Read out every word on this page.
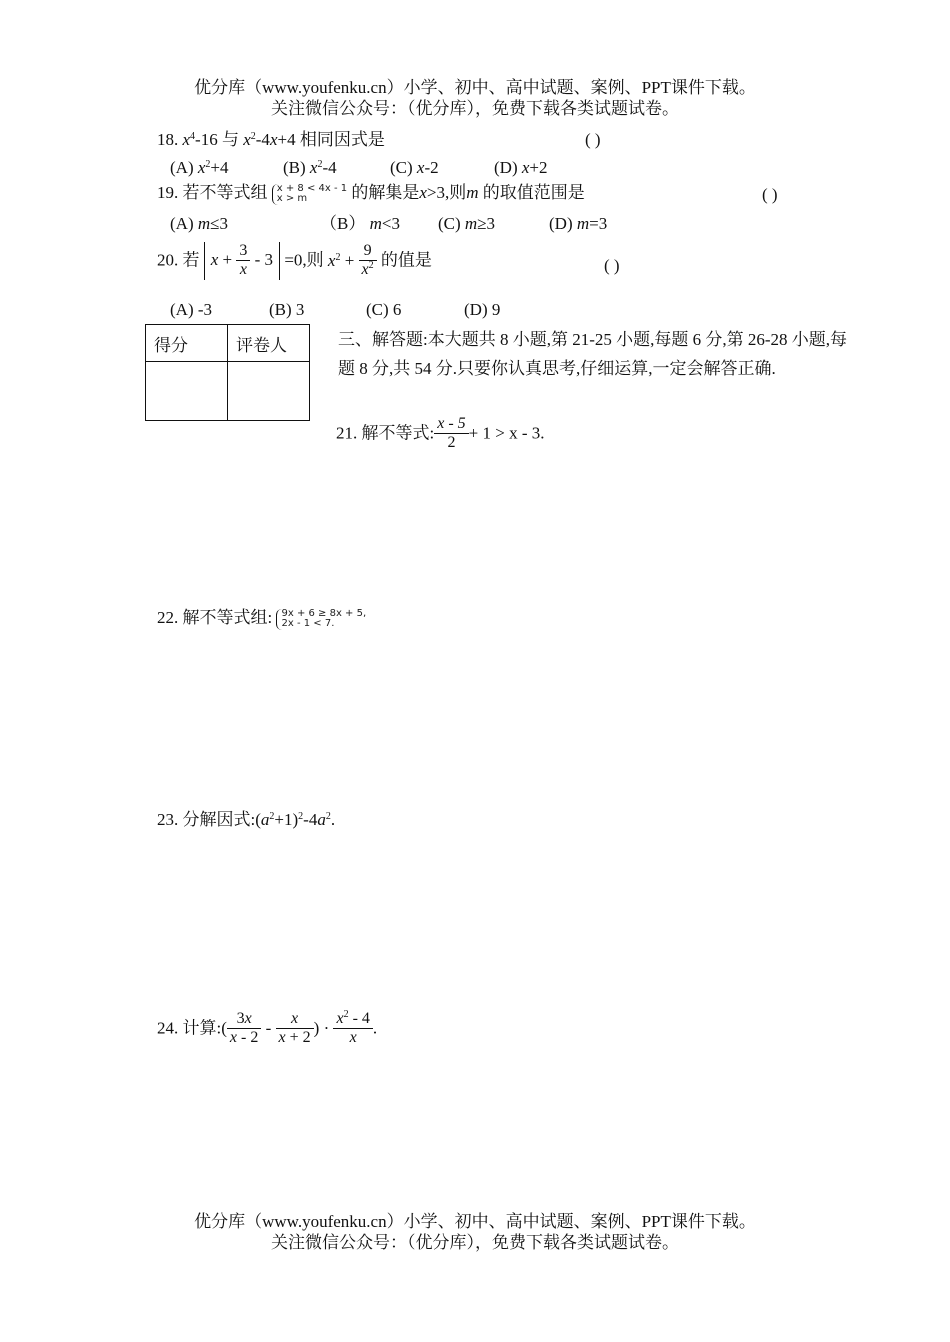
优分库（www.youfenku.cn）小学、初中、高中试题、案例、PPT课件下载。
关注微信公众号：（优分库），免费下载各类试题试卷。
18. $x^4-16$ 与 $x^2-4x+4$ 相同因式是	( )
(A) $x^2+4$	(B) $x^2-4$	(C) x-2	(D) x+2
19. 若不等式组 x + 8 < 4x - 1
x > m	的解集是x>3,则m 的取值范围是	( )
(A) m≤3	（B） m<3 (C) m≥3	(D) m=3
20. 若 $x + \frac{3}{x} - 3 =0$,则 $x^2 + \frac{9}{x^2}$ 的值是	( )
(A) -3	(B) 3	(C) 6	(D) 9
得分	评卷人
		三、解答题:本大题共 8 小题,第 21-25 小题,每题 6 分,第 26-28 小题,每题 8 分,共 54 分.只要你认真思考,仔细运算,一定会解答正确.
21. 解不等式: $\frac{x - 5}{2} + 1 > x - 3$.
22. 解不等式组: 9x + 6 ≥ 8x + 5,
2x - 1 < 7.
23. 分解因式$:(a^2+1)^2-4a^2$.
24. 计算:( $\frac{3x}{x - 2} - \frac{x}{x + 2}$ ) · $\frac{x^2 - 4}{x}$ .
优分库（www.youfenku.cn）小学、初中、高中试题、案例、PPT课件下载。
关注微信公众号：（优分库），免费下载各类试题试卷。
